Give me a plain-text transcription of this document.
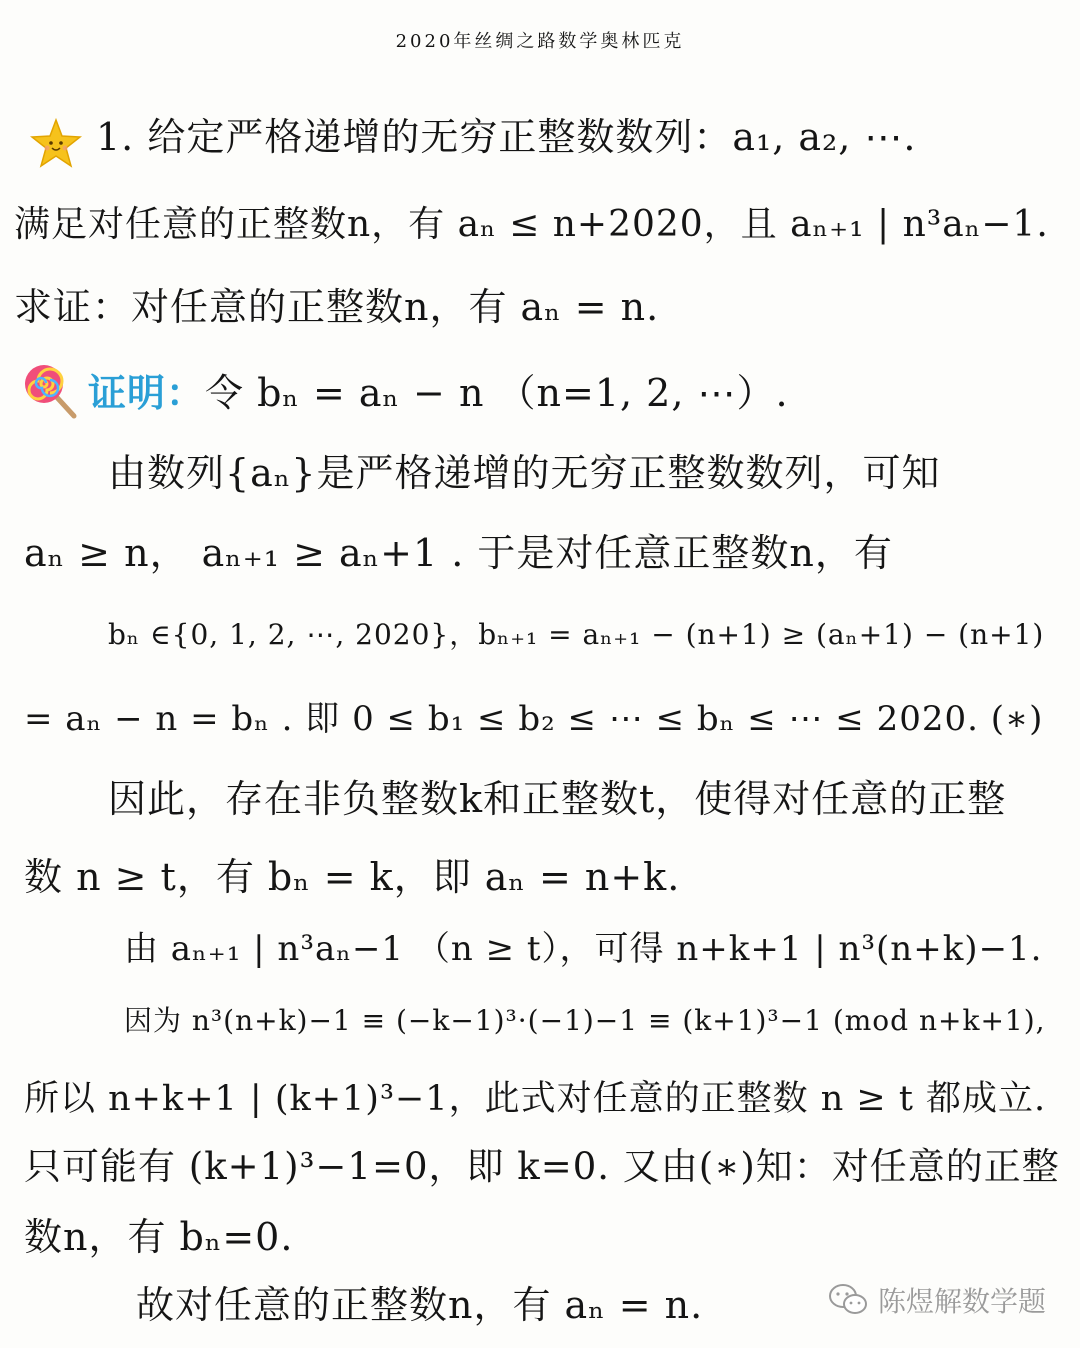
2020年丝绸之路数学奥林匹克
1. 给定严格递增的无穷正整数数列：a₁, a₂, ⋯.
满足对任意的正整数n，有 aₙ ≤ n+2020，且 aₙ₊₁ | n³aₙ−1.
求证：对任意的正整数n，有 aₙ = n.
证明：令 bₙ = aₙ − n （n=1, 2, ⋯）.
由数列{aₙ}是严格递增的无穷正整数数列，可知
aₙ ≥ n， aₙ₊₁ ≥ aₙ+1 . 于是对任意正整数n，有
bₙ ∈{0, 1, 2, ⋯, 2020}，bₙ₊₁ = aₙ₊₁ − (n+1) ≥ (aₙ+1) − (n+1)
= aₙ − n = bₙ . 即 0 ≤ b₁ ≤ b₂ ≤ ⋯ ≤ bₙ ≤ ⋯ ≤ 2020. (∗)
因此，存在非负整数k和正整数t，使得对任意的正整
数 n ≥ t，有 bₙ = k，即 aₙ = n+k.
由 aₙ₊₁ | n³aₙ−1 （n ≥ t），可得 n+k+1 | n³(n+k)−1.
因为 n³(n+k)−1 ≡ (−k−1)³·(−1)−1 ≡ (k+1)³−1 (mod n+k+1),
所以 n+k+1 | (k+1)³−1，此式对任意的正整数 n ≥ t 都成立.
只可能有 (k+1)³−1=0，即 k=0. 又由(∗)知：对任意的正整
数n，有 bₙ=0.
故对任意的正整数n，有 aₙ = n.	陈煜解数学题
